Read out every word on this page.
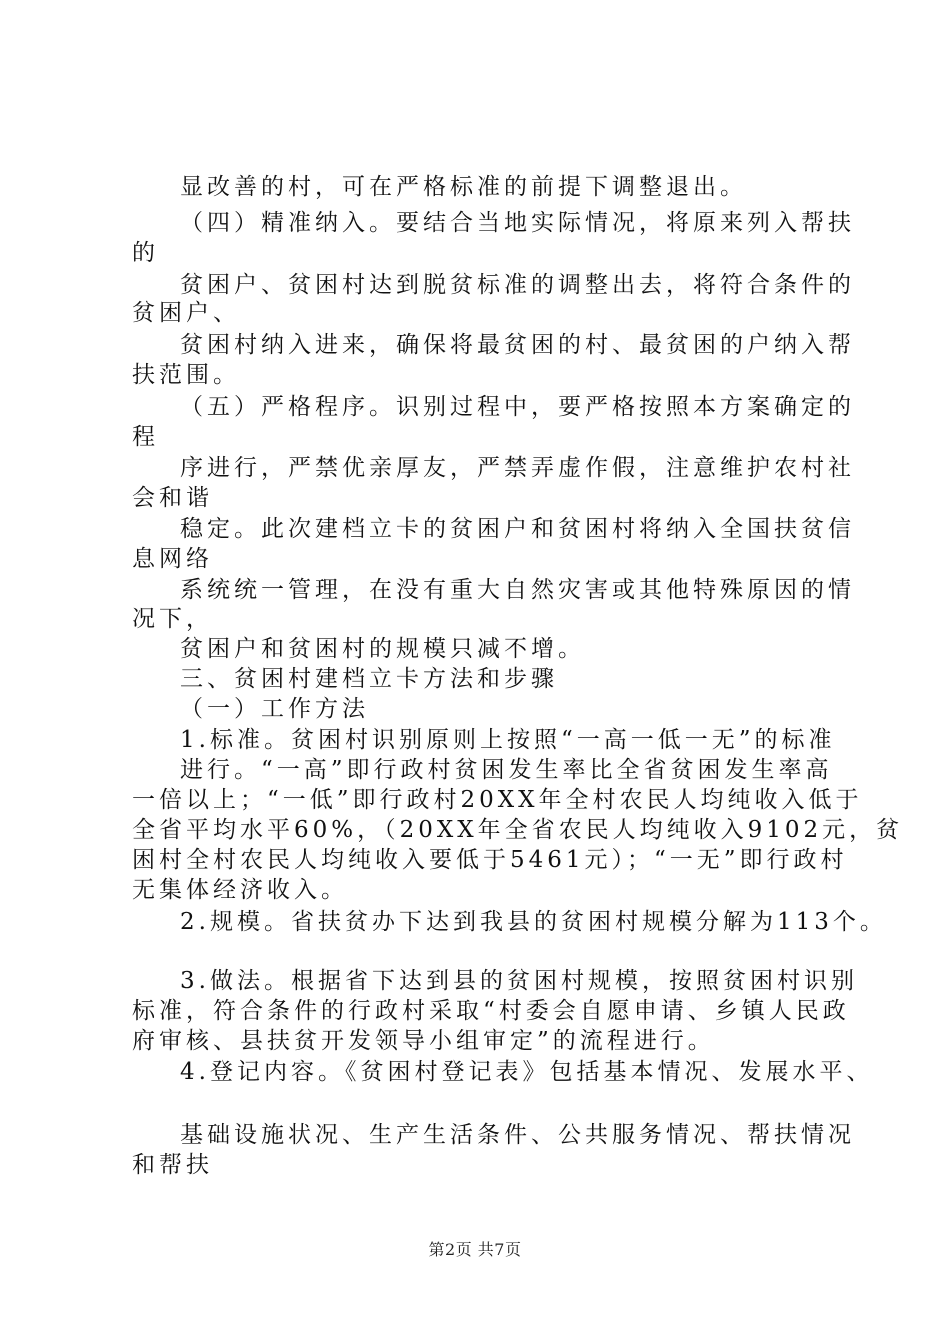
显改善的村，可在严格标准的前提下调整退出。
（四）精准纳入。要结合当地实际情况，将原来列入帮扶
的
贫困户、贫困村达到脱贫标准的调整出去，将符合条件的
贫困户、
贫困村纳入进来，确保将最贫困的村、最贫困的户纳入帮
扶范围。
（五）严格程序。识别过程中，要严格按照本方案确定的
程
序进行，严禁优亲厚友，严禁弄虚作假，注意维护农村社
会和谐
稳定。此次建档立卡的贫困户和贫困村将纳入全国扶贫信
息网络
系统统一管理，在没有重大自然灾害或其他特殊原因的情
况下，
贫困户和贫困村的规模只减不增。
三、贫困村建档立卡方法和步骤
（一）工作方法
1.标准。贫困村识别原则上按照“一高一低一无”的标准
进行。“一高”即行政村贫困发生率比全省贫困发生率高
一倍以上；“一低”即行政村20XX年全村农民人均纯收入低于
全省平均水平60%，（20XX年全省农民人均纯收入9102元，贫
困村全村农民人均纯收入要低于5461元）；“一无”即行政村
无集体经济收入。
2.规模。省扶贫办下达到我县的贫困村规模分解为113个。
3.做法。根据省下达到县的贫困村规模，按照贫困村识别
标准，符合条件的行政村采取“村委会自愿申请、乡镇人民政
府审核、县扶贫开发领导小组审定”的流程进行。
4.登记内容。《贫困村登记表》包括基本情况、发展水平、
基础设施状况、生产生活条件、公共服务情况、帮扶情况
和帮扶
第2页 共7页
